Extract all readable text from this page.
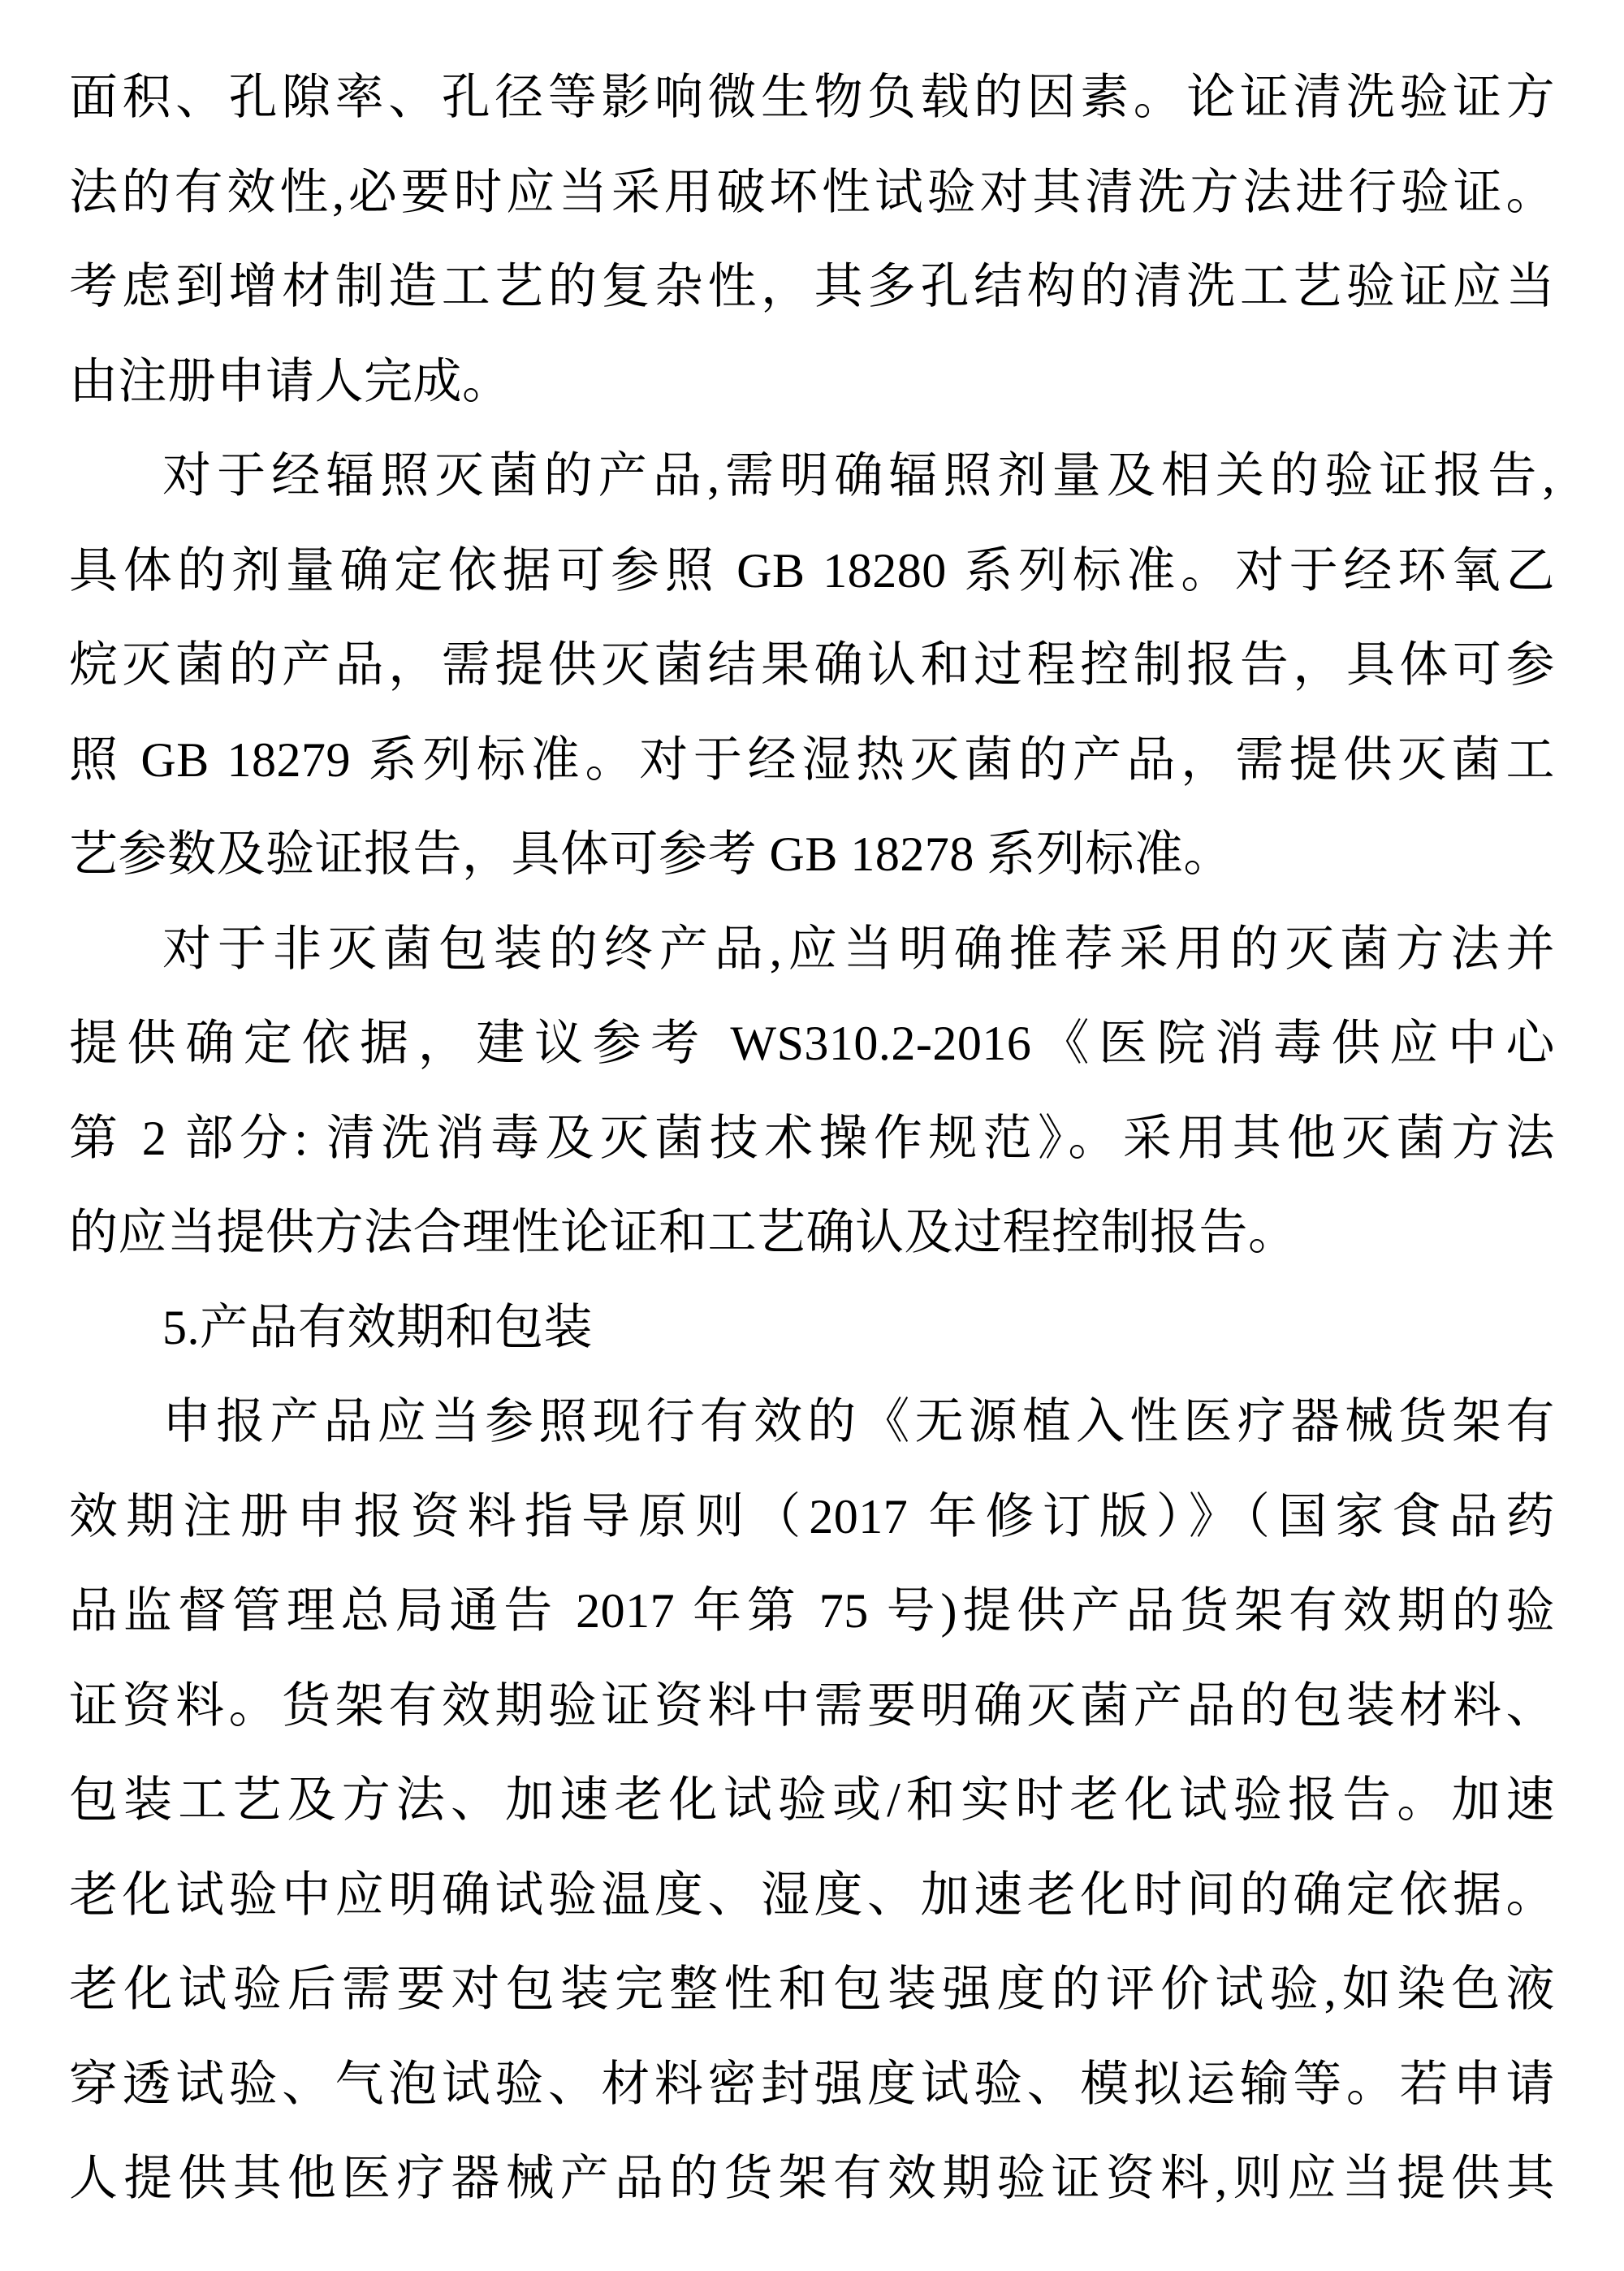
面积、孔隙率、孔径等影响微生物负载的因素。论证清洗验证方
法的有效性,必要时应当采用破坏性试验对其清洗方法进行验证。
考虑到增材制造工艺的复杂性，其多孔结构的清洗工艺验证应当
由注册申请人完成。
对于经辐照灭菌的产品,需明确辐照剂量及相关的验证报告,
具体的剂量确定依据可参照 GB 18280 系列标准。对于经环氧乙
烷灭菌的产品，需提供灭菌结果确认和过程控制报告，具体可参
照 GB 18279 系列标准。对于经湿热灭菌的产品，需提供灭菌工
艺参数及验证报告，具体可参考 GB 18278 系列标准。
对于非灭菌包装的终产品,应当明确推荐采用的灭菌方法并
提供确定依据，建议参考 WS310.2-2016《医院消毒供应中心
第 2 部分: 清洗消毒及灭菌技术操作规范》。采用其他灭菌方法
的应当提供方法合理性论证和工艺确认及过程控制报告。
5.产品有效期和包装
申报产品应当参照现行有效的《无源植入性医疗器械货架有
效期注册申报资料指导原则（2017 年修订版）》（国家食品药
品监督管理总局通告 2017 年第 75 号)提供产品货架有效期的验
证资料。货架有效期验证资料中需要明确灭菌产品的包装材料、
包装工艺及方法、加速老化试验或/和实时老化试验报告。加速
老化试验中应明确试验温度、湿度、加速老化时间的确定依据。
老化试验后需要对包装完整性和包装强度的评价试验,如染色液
穿透试验、气泡试验、材料密封强度试验、模拟运输等。若申请
人提供其他医疗器械产品的货架有效期验证资料,则应当提供其
